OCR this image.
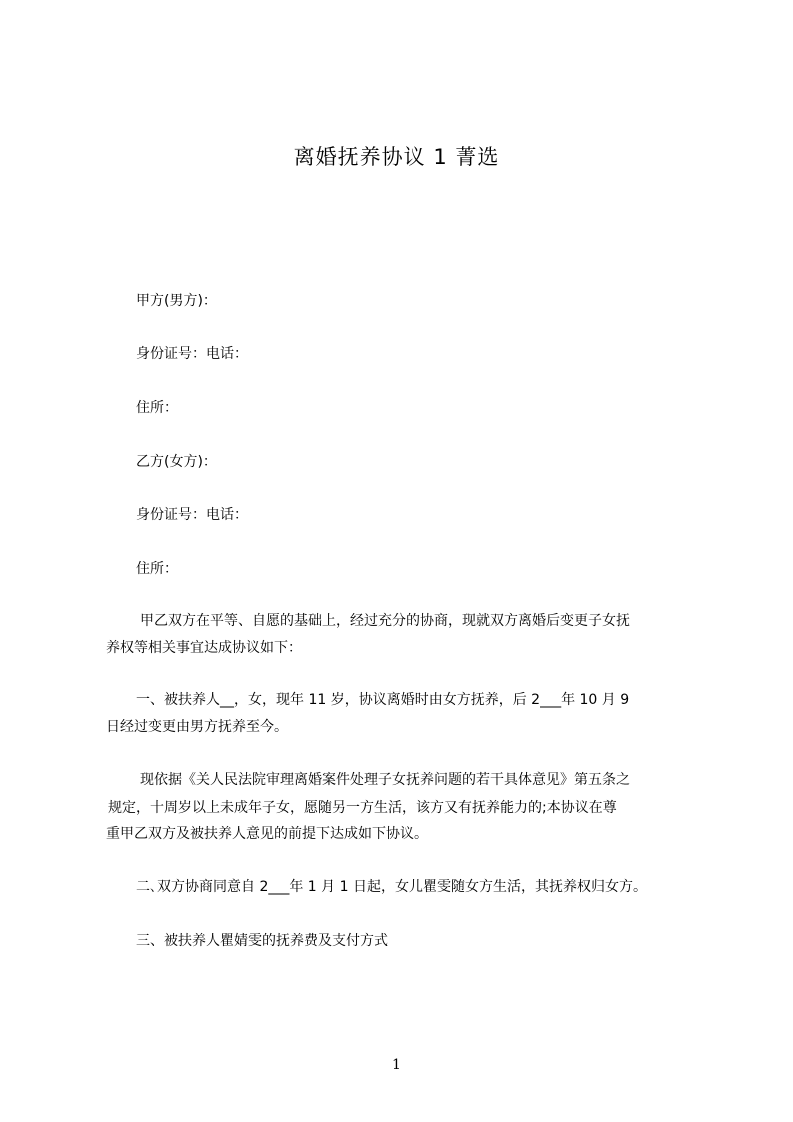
离婚抚养协议 1 菁选
甲方(男方)：
身份证号：电话：
住所：
乙方(女方)：
身份证号：电话：
住所：
甲乙双方在平等、自愿的基础上，经过充分的协商，现就双方离婚后变更子女抚
养权等相关事宜达成协议如下：
一、被扶养人__，女，现年 11 岁，协议离婚时由女方抚养，后 2___年 10 月 9
日经过变更由男方抚养至今。
现依据《关人民法院审理离婚案件处理子女抚养问题的若干具体意见》第五条之
规定，十周岁以上未成年子女，愿随另一方生活，该方又有抚养能力的;本协议在尊
重甲乙双方及被扶养人意见的前提下达成如下协议。
二､双方协商同意自 2___年 1 月 1 日起，女儿瞿雯随女方生活，其抚养权归女方。
三、被扶养人瞿婧雯的抚养费及支付方式
1
